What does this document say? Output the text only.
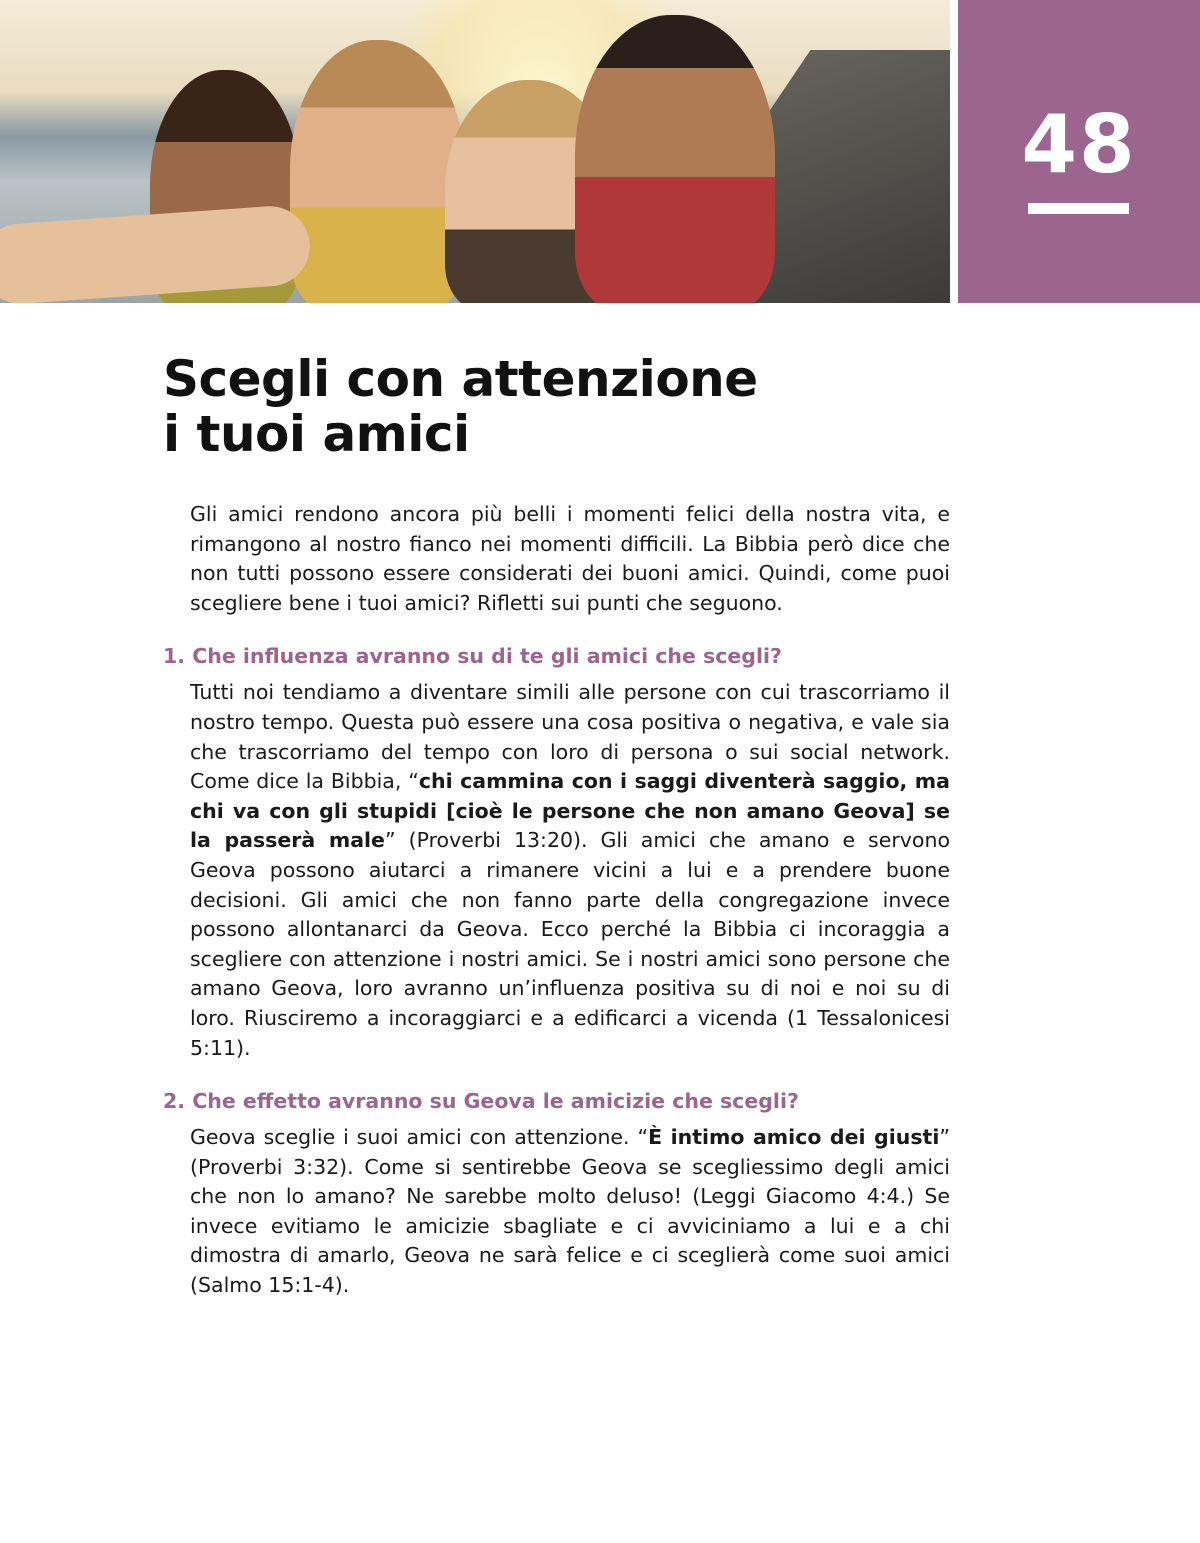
48
Scegli con attenzione
i tuoi amici

Gli amici rendono ancora più belli i momenti felici della nostra vita, e rimangono al nostro fianco nei momenti difficili. La Bibbia però dice che non tutti possono essere considerati dei buoni amici. Quindi, come puoi scegliere bene i tuoi amici? Rifletti sui punti che seguono.

1. Che influenza avranno su di te gli amici che scegli?

Tutti noi tendiamo a diventare simili alle persone con cui trascorriamo il nostro tempo. Questa può essere una cosa positiva o negativa, e vale sia che trascorriamo del tempo con loro di persona o sui social network. Come dice la Bibbia, “chi cammina con i saggi diventerà saggio, ma chi va con gli stupidi [cioè le persone che non amano Geova] se la passerà male” (Proverbi 13:20). Gli amici che amano e servono Geova possono aiutarci a rimanere vicini a lui e a prendere buone decisioni. Gli amici che non fanno parte della congregazione invece possono allontanarci da Geova. Ecco perché la Bibbia ci incoraggia a scegliere con attenzione i nostri amici. Se i nostri amici sono persone che amano Geova, loro avranno un’influenza positiva su di noi e noi su di loro. Riusciremo a incoraggiarci e a edificarci a vicenda (1 Tessalonicesi 5:11).

2. Che effetto avranno su Geova le amicizie che scegli?

Geova sceglie i suoi amici con attenzione. “È intimo amico dei giusti” (Proverbi 3:32). Come si sentirebbe Geova se scegliessimo degli amici che non lo amano? Ne sarebbe molto deluso! (Leggi Giacomo 4:4.) Se invece evitiamo le amicizie sbagliate e ci avviciniamo a lui e a chi dimostra di amarlo, Geova ne sarà felice e ci sceglierà come suoi amici (Salmo 15:1-4).
